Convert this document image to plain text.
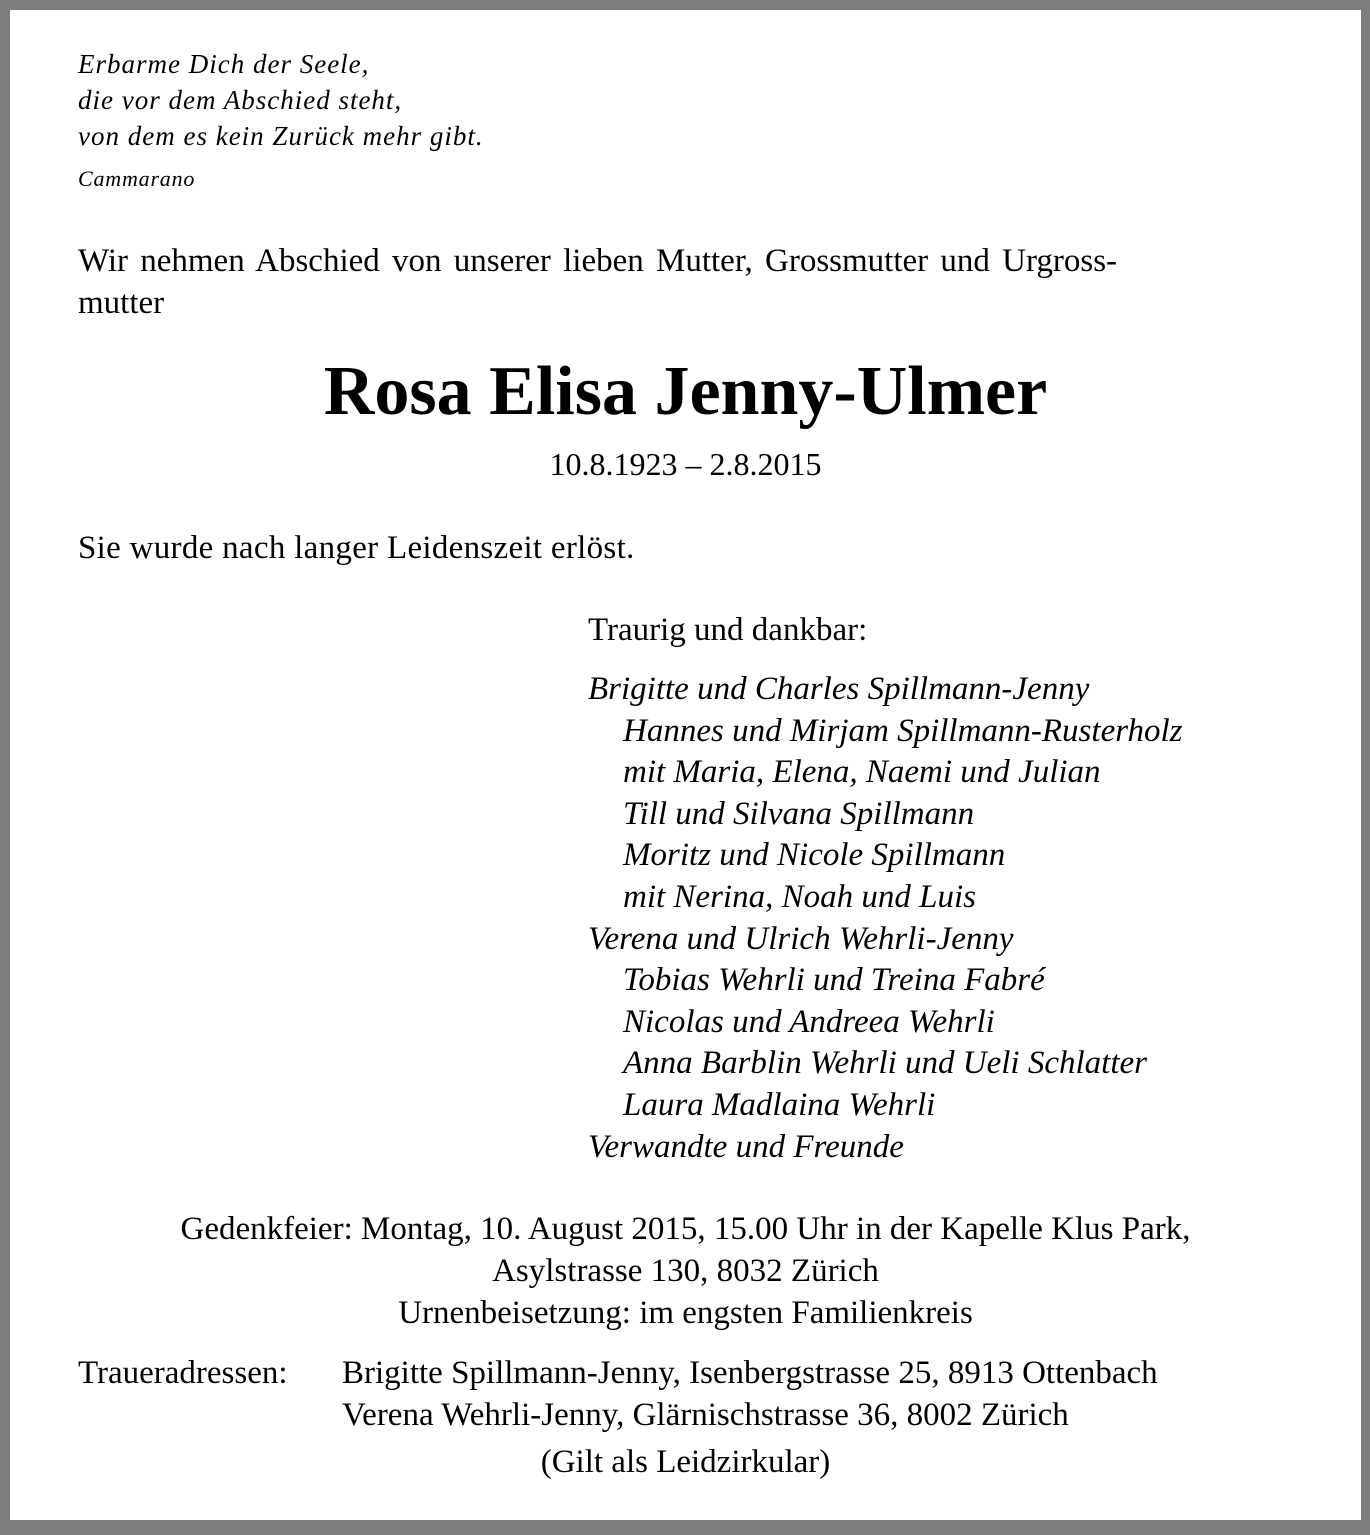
Erbarme Dich der Seele,
die vor dem Abschied steht,
von dem es kein Zurück mehr gibt.
Cammarano
Wir nehmen Abschied von unserer lieben Mutter, Grossmutter und Urgross-
mutter
Rosa Elisa Jenny-Ulmer
10.8.1923 – 2.8.2015
Sie wurde nach langer Leidenszeit erlöst.
Traurig und dankbar:
Brigitte und Charles Spillmann-Jenny
Hannes und Mirjam Spillmann-Rusterholz
mit Maria, Elena, Naemi und Julian
Till und Silvana Spillmann
Moritz und Nicole Spillmann
mit Nerina, Noah und Luis
Verena und Ulrich Wehrli-Jenny
Tobias Wehrli und Treina Fabré
Nicolas und Andreea Wehrli
Anna Barblin Wehrli und Ueli Schlatter
Laura Madlaina Wehrli
Verwandte und Freunde
Gedenkfeier: Montag, 10. August 2015, 15.00 Uhr in der Kapelle Klus Park,
Asylstrasse 130, 8032 Zürich
Urnenbeisetzung: im engsten Familienkreis
Traueradressen: Brigitte Spillmann-Jenny, Isenbergstrasse 25, 8913 Ottenbach
Verena Wehrli-Jenny, Glärnischstrasse 36, 8002 Zürich
(Gilt als Leidzirkular)
